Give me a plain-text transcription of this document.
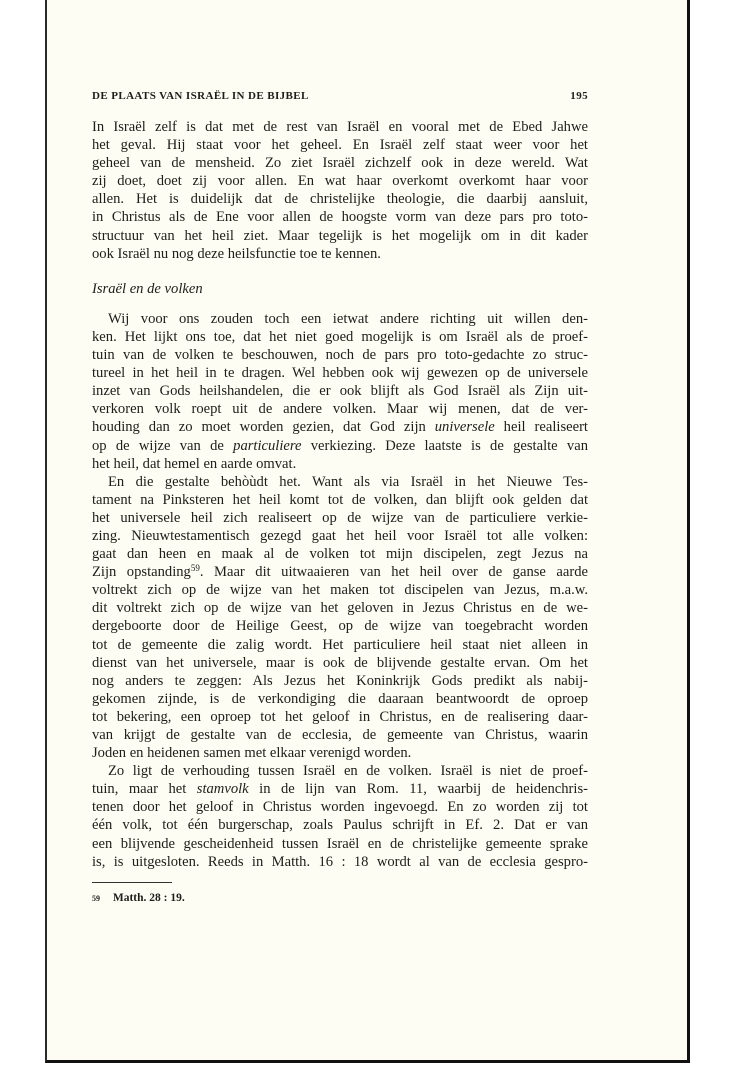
DE PLAATS VAN ISRAËL IN DE BIJBEL	195
In Israël zelf is dat met de rest van Israël en vooral met de Ebed Jahwe
het geval. Hij staat voor het geheel. En Israël zelf staat weer voor het
geheel van de mensheid. Zo ziet Israël zichzelf ook in deze wereld. Wat
zij doet, doet zij voor allen. En wat haar overkomt overkomt haar voor
allen. Het is duidelijk dat de christelijke theologie, die daarbij aansluit,
in Christus als de Ene voor allen de hoogste vorm van deze pars pro toto-
structuur van het heil ziet. Maar tegelijk is het mogelijk om in dit kader
ook Israël nu nog deze heilsfunctie toe te kennen.
Israël en de volken
Wij voor ons zouden toch een ietwat andere richting uit willen den-
ken. Het lijkt ons toe, dat het niet goed mogelijk is om Israël als de proef-
tuin van de volken te beschouwen, noch de pars pro toto-gedachte zo struc-
tureel in het heil in te dragen. Wel hebben ook wij gewezen op de universele
inzet van Gods heilshandelen, die er ook blijft als God Israël als Zijn uit-
verkoren volk roept uit de andere volken. Maar wij menen, dat de ver-
houding dan zo moet worden gezien, dat God zijn universele heil realiseert
op de wijze van de particuliere verkiezing. Deze laatste is de gestalte van
het heil, dat hemel en aarde omvat.
En die gestalte behòùdt het. Want als via Israël in het Nieuwe Tes-
tament na Pinksteren het heil komt tot de volken, dan blijft ook gelden dat
het universele heil zich realiseert op de wijze van de particuliere verkie-
zing. Nieuwtestamentisch gezegd gaat het heil voor Israël tot alle volken:
gaat dan heen en maak al de volken tot mijn discipelen, zegt Jezus na
Zijn opstanding$^{59}$. Maar dit uitwaaieren van het heil over de ganse aarde
voltrekt zich op de wijze van het maken tot discipelen van Jezus, m.a.w.
dit voltrekt zich op de wijze van het geloven in Jezus Christus en de we-
dergeboorte door de Heilige Geest, op de wijze van toegebracht worden
tot de gemeente die zalig wordt. Het particuliere heil staat niet alleen in
dienst van het universele, maar is ook de blijvende gestalte ervan. Om het
nog anders te zeggen: Als Jezus het Koninkrijk Gods predikt als nabij-
gekomen zijnde, is de verkondiging die daaraan beantwoordt de oproep
tot bekering, een oproep tot het geloof in Christus, en de realisering daar-
van krijgt de gestalte van de ecclesia, de gemeente van Christus, waarin
Joden en heidenen samen met elkaar verenigd worden.
Zo ligt de verhouding tussen Israël en de volken. Israël is niet de proef-
tuin, maar het stamvolk in de lijn van Rom. 11, waarbij de heidenchris-
tenen door het geloof in Christus worden ingevoegd. En zo worden zij tot
één volk, tot één burgerschap, zoals Paulus schrijft in Ef. 2. Dat er van
een blijvende gescheidenheid tussen Israël en de christelijke gemeente sprake
is, is uitgesloten. Reeds in Matth. 16 : 18 wordt al van de ecclesia gespro-
59 Matth. 28 : 19.
